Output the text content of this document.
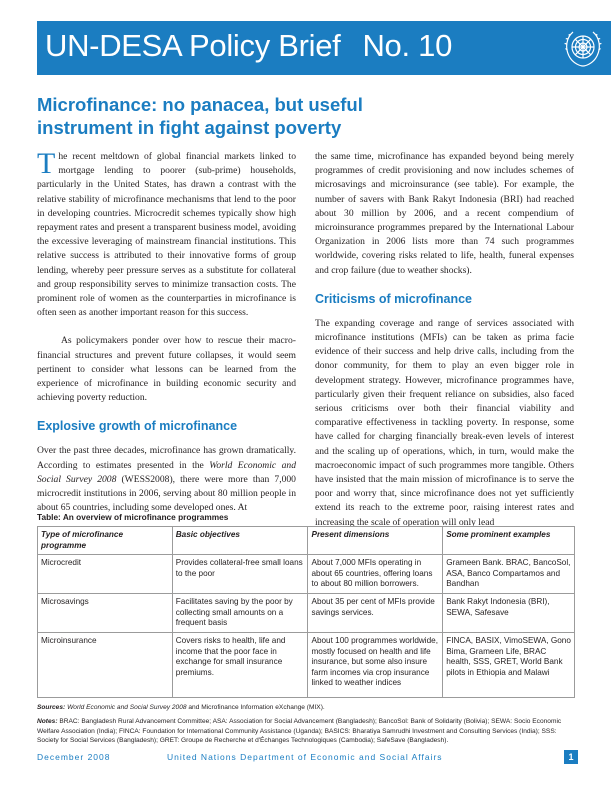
UN-DESA Policy Brief No. 10
Microfinance: no panacea, but useful
instrument in fight against poverty

The recent meltdown of global financial markets linked to mortgage lending to poorer (sub-prime) households, particularly in the United States, has drawn a contrast with the relative stability of microfinance mechanisms that lend to the poor in developing countries. Microcredit schemes typically show high repayment rates and present a transparent business model, avoiding the excessive leveraging of mainstream financial institutions. This relative success is attributed to their innovative forms of group lending, whereby peer pressure serves as a substitute for collateral and group responsibility serves to minimize transaction costs. The prominent role of women as the counterparties in microfinance is often seen as another important reason for this success.

As policymakers ponder over how to rescue their macro-financial structures and prevent future collapses, it would seem pertinent to consider what lessons can be learned from the experience of microfinance in building economic security and achieving poverty reduction.

Explosive growth of microfinance

Over the past three decades, microfinance has grown dramatically. According to estimates presented in the World Economic and Social Survey 2008 (WESS2008), there were more than 7,000 microcredit institutions in 2006, serving about 80 million people in about 65 countries, including some developed ones. At

the same time, microfinance has expanded beyond being merely programmes of credit provisioning and now includes schemes of microsavings and microinsurance (see table). For example, the number of savers with Bank Rakyt Indonesia (BRI) had reached about 30 million by 2006, and a recent compendium of microinsurance programmes prepared by the International Labour Organization in 2006 lists more than 74 such programmes worldwide, covering risks related to life, health, funeral expenses and crop failure (due to weather shocks).

Criticisms of microfinance

The expanding coverage and range of services associated with microfinance institutions (MFIs) can be taken as prima facie evidence of their success and help drive calls, including from the donor community, for them to play an even bigger role in development strategy. However, microfinance programmes have, particularly given their frequent reliance on subsidies, also faced serious criticisms over both their financial viability and comparative effectiveness in tackling poverty. In response, some have called for charging financially break-even levels of interest and the scaling up of operations, which, in turn, would make the macroeconomic impact of such programmes more tangible. Others have insisted that the main mission of microfinance is to serve the poor and worry that, since microfinance does not yet sufficiently extend its reach to the extreme poor, raising interest rates and increasing the scale of operation will only lead

Table: An overview of microfinance programmes
Type of microfinance programme	Basic objectives	Present dimensions	Some prominent examples
Microcredit	Provides collateral-free small loans to the poor	About 7,000 MFIs operating in about 65 countries, offering loans to about 80 million borrowers.	Grameen Bank. BRAC, BancoSol, ASA, Banco Compartamos and Bandhan
Microsavings	Facilitates saving by the poor by collecting small amounts on a frequent basis	About 35 per cent of MFIs provide savings services.	Bank Rakyt Indonesia (BRI), SEWA, Safesave
Microinsurance	Covers risks to health, life and income that the poor face in exchange for small insurance premiums.	About 100 programmes worldwide, mostly focused on health and life insurance, but some also insure farm incomes via crop insurance linked to weather indices	FINCA, BASIX, VimoSEWA, Gono Bima, Grameen Life, BRAC health, SSS, GRET, World Bank pilots in Ethiopia and Malawi
Sources: World Economic and Social Survey 2008 and Microfinance Information eXchange (MIX).
Notes: BRAC: Bangladesh Rural Advancement Committee; ASA: Association for Social Advancement (Bangladesh); BancoSol: Bank of Solidarity (Bolivia); SEWA: Socio Economic Welfare Association (India); FINCA: Foundation for International Community Assistance (Uganda); BASICS: Bharatiya Samrudhi Investment and Consulting Services (India); SSS: Society for Social Services (Bangladesh); GRET: Groupe de Recherche et d'Échanges Technologiques (Cambodia); SafeSave (Bangladesh).
December 2008	United Nations Department of Economic and Social Affairs	1
